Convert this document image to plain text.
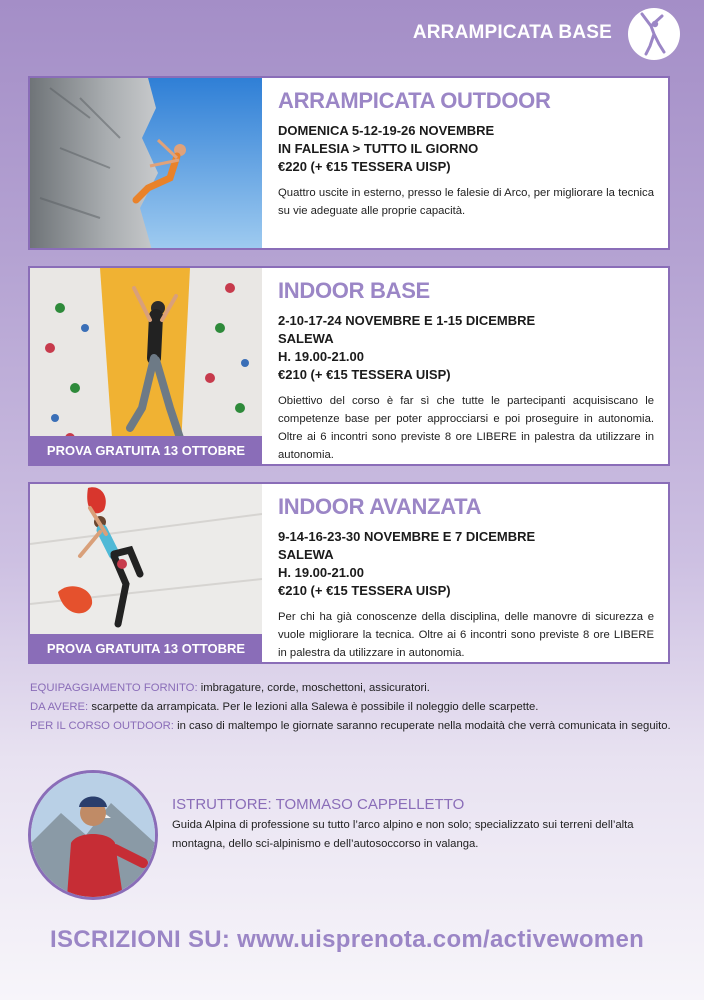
ARRAMPICATA BASE
ARRAMPICATA OUTDOOR
DOMENICA 5-12-19-26 NOVEMBRE
IN FALESIA > TUTTO IL GIORNO
€220 (+ €15 TESSERA UISP)
Quattro uscite in esterno, presso le falesie di Arco, per migliorare la tecnica su vie adeguate alle proprie capacità.
PROVA GRATUITA 13 OTTOBRE
INDOOR BASE
2-10-17-24 NOVEMBRE E 1-15 DICEMBRE
SALEWA
H. 19.00-21.00
€210 (+ €15 TESSERA UISP)
Obiettivo del corso è far sì che tutte le partecipanti acquisiscano le competenze base per poter approcciarsi e poi proseguire in autonomia. Oltre ai 6 incontri sono previste 8 ore LIBERE in palestra da utilizzare in autonomia.
PROVA GRATUITA 13 OTTOBRE
INDOOR AVANZATA
9-14-16-23-30 NOVEMBRE E 7 DICEMBRE
SALEWA
H. 19.00-21.00
€210 (+ €15 TESSERA UISP)
Per chi ha già conoscenze della disciplina, delle manovre di sicurezza e vuole migliorare la tecnica. Oltre ai 6 incontri sono previste 8 ore LIBERE in palestra da utilizzare in autonomia.
EQUIPAGGIAMENTO FORNITO: imbragature, corde, moschettoni, assicuratori.
DA AVERE: scarpette da arrampicata. Per le lezioni alla Salewa è possibile il noleggio delle scarpette.
PER IL CORSO OUTDOOR: in caso di maltempo le giornate saranno recuperate nella modaità che verrà comunicata in seguito.
ISTRUTTORE: TOMMASO CAPPELLETTO
Guida Alpina di professione su tutto l’arco alpino e non solo; specializzato sui terreni dell’alta montagna, dello sci-alpinismo e dell’autosoccorso in valanga.
ISCRIZIONI SU: www.uisprenota.com/activewomen
